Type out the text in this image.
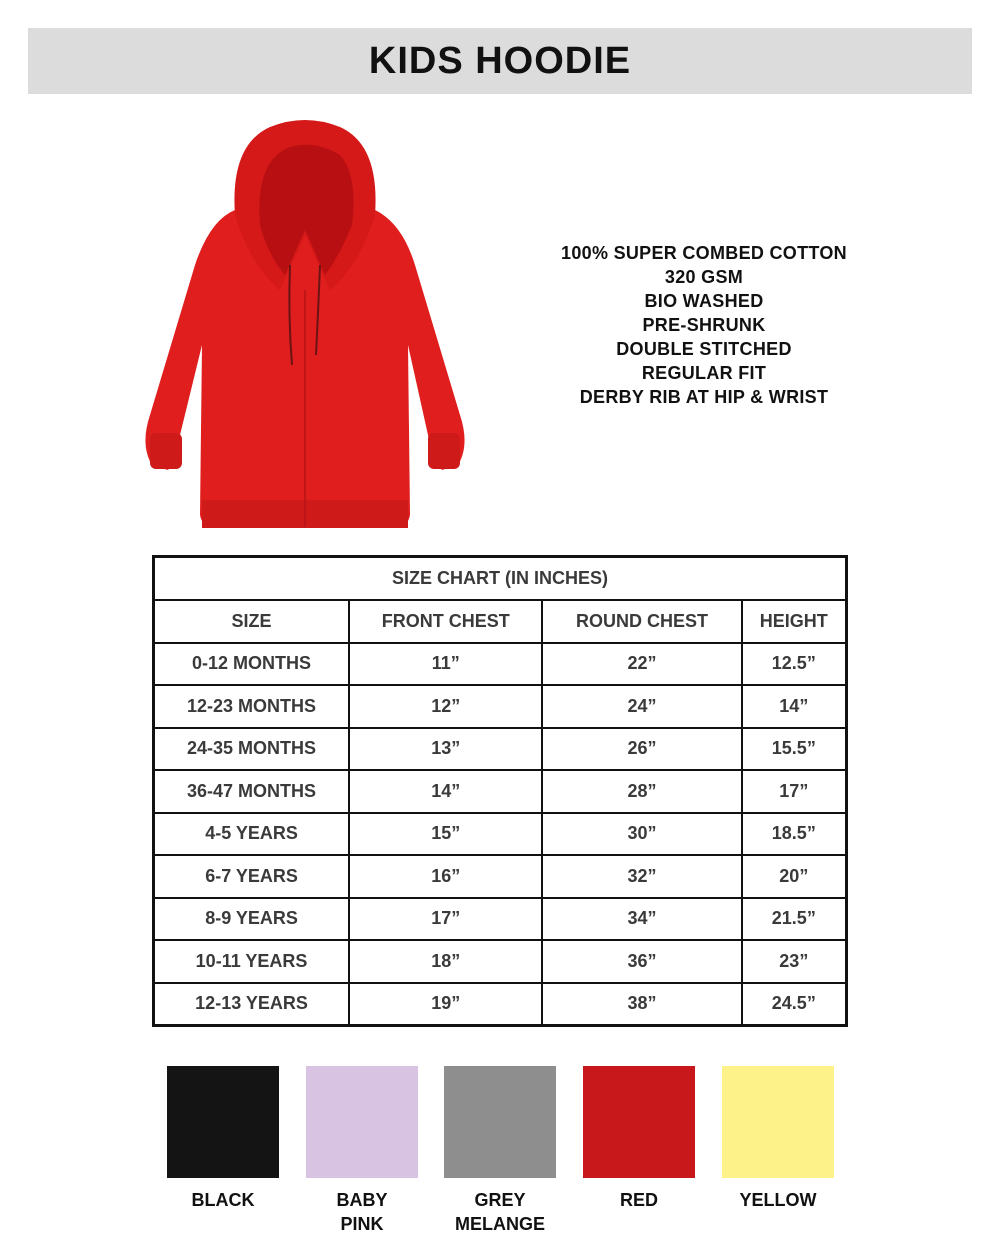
KIDS HOODIE
100% SUPER COMBED COTTON
320 GSM
BIO WASHED
PRE-SHRUNK
DOUBLE STITCHED
REGULAR FIT
DERBY RIB AT HIP & WRIST
SIZE CHART (IN INCHES)			
SIZE	FRONT CHEST	ROUND CHEST	HEIGHT
0-12 MONTHS	11”	22”	12.5”
12-23 MONTHS	12”	24”	14”
24-35 MONTHS	13”	26”	15.5”
36-47 MONTHS	14”	28”	17”
4-5 YEARS	15”	30”	18.5”
6-7 YEARS	16”	32”	20”
8-9 YEARS	17”	34”	21.5”
10-11 YEARS	18”	36”	23”
12-13 YEARS	19”	38”	24.5”
BLACK	BABY
PINK
GREY
MELANGE
RED	YELLOW
